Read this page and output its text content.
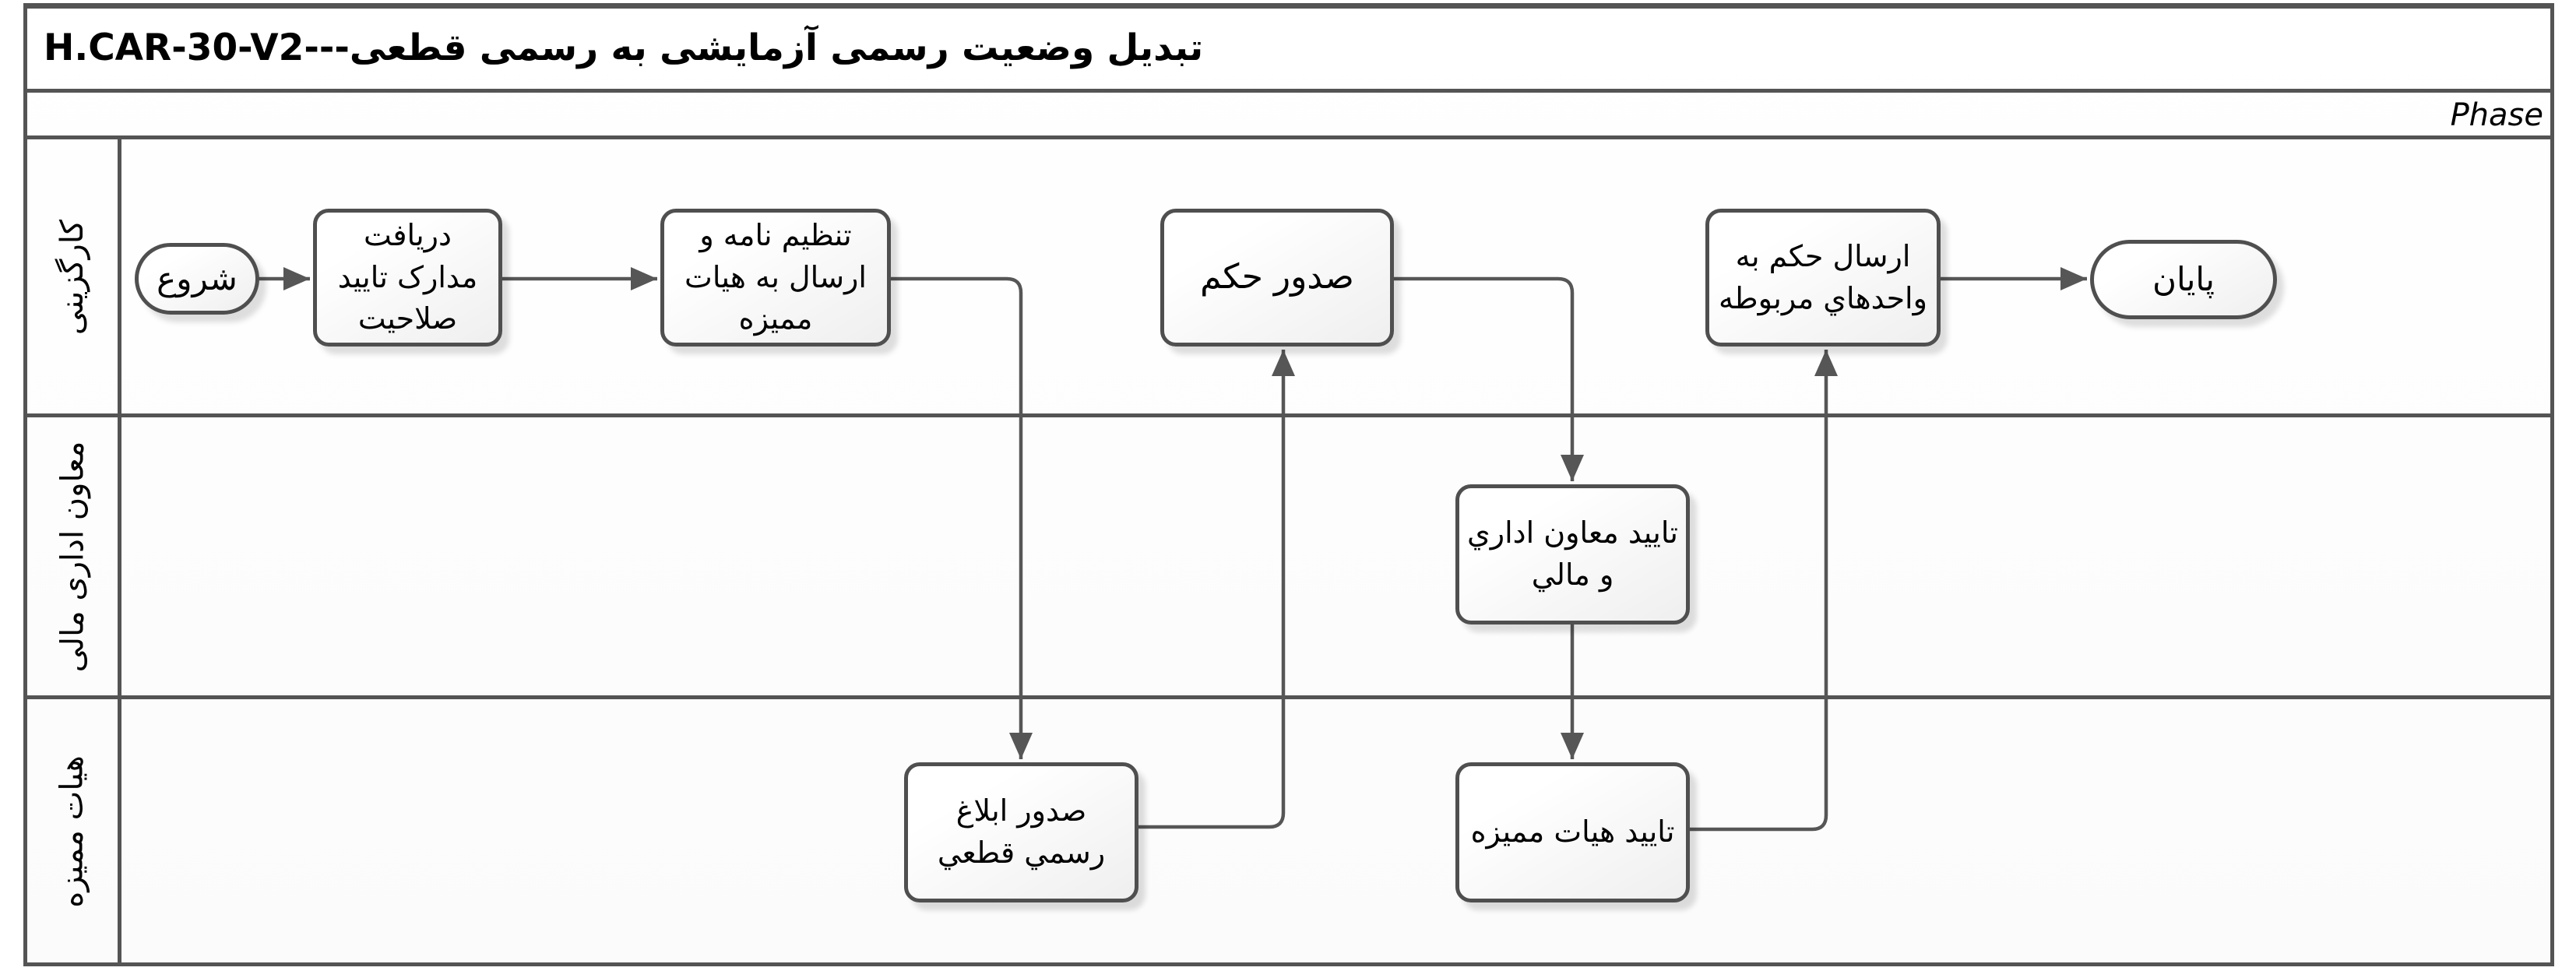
H.CAR-30-V2 --- تبدیل وضعیت رسمی آزمایشی به رسمی قطعی
Phase
کارگزینی
معاون اداری مالی
هیات ممیزه
شروع
دریافت مدارک تایید صلاحیت
تنظیم نامه و ارسال به هیات ممیزه
صدور حکم
ارسال حکم به واحدهاي مربوطه	پایان
تایید معاون اداري و مالي
صدور ابلاغ رسمي قطعي
تایید هیات ممیزه
